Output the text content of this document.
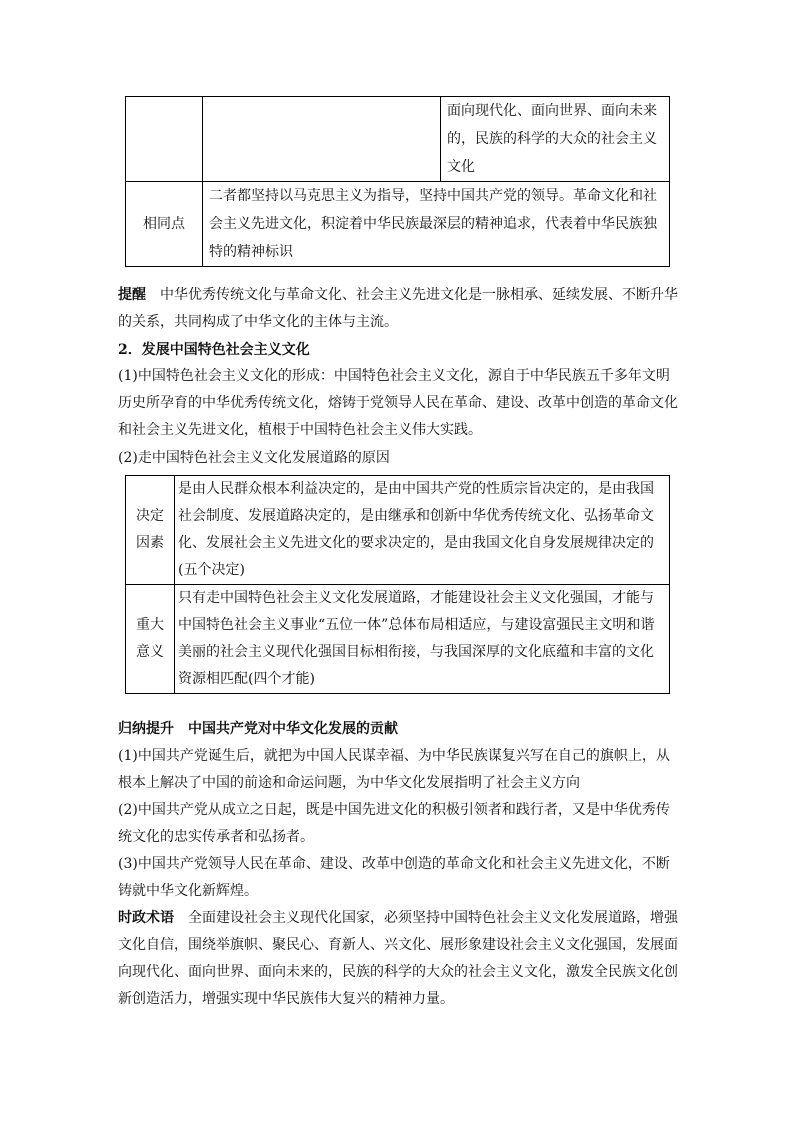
		面向现代化、面向世界、面向未来的，民族的科学的大众的社会主义文化
相同点	二者都坚持以马克思主义为指导，坚持中国共产党的领导。革命文化和社会主义先进文化，积淀着中华民族最深层的精神追求，代表着中华民族独特的精神标识	
提醒　 中华优秀传统文化与革命文化、社会主义先进文化是一脉相承、延续发展、不断升华的关系，共同构成了中华文化的主体与主流。
2．发展中国特色社会主义文化
(1)中国特色社会主义文化的形成：中国特色社会主义文化，源自于中华民族五千多年文明历史所孕育的中华优秀传统文化，熔铸于党领导人民在革命、建设、改革中创造的革命文化和社会主义先进文化，植根于中国特色社会主义伟大实践。
(2)走中国特色社会主义文化发展道路的原因
决定因素	是由人民群众根本利益决定的，是由中国共产党的性质宗旨决定的，是由我国社会制度、发展道路决定的，是由继承和创新中华优秀传统文化、弘扬革命文化、发展社会主义先进文化的要求决定的，是由我国文化自身发展规律决定的(五个决定)
重大意义	只有走中国特色社会主义文化发展道路，才能建设社会主义文化强国，才能与中国特色社会主义事业“五位一体”总体布局相适应，与建设富强民主文明和谐美丽的社会主义现代化强国目标相衔接，与我国深厚的文化底蕴和丰富的文化资源相匹配(四个才能)
归纳提升　 中国共产党对中华文化发展的贡献
(1)中国共产党诞生后，就把为中国人民谋幸福、为中华民族谋复兴写在自己的旗帜上，从根本上解决了中国的前途和命运问题，为中华文化发展指明了社会主义方向
(2)中国共产党从成立之日起，既是中国先进文化的积极引领者和践行者，又是中华优秀传统文化的忠实传承者和弘扬者。
(3)中国共产党领导人民在革命、建设、改革中创造的革命文化和社会主义先进文化，不断铸就中华文化新辉煌。
时政术语　 全面建设社会主义现代化国家，必须坚持中国特色社会主义文化发展道路，增强文化自信，围绕举旗帜、聚民心、育新人、兴文化、展形象建设社会主义文化强国，发展面向现代化、面向世界、面向未来的，民族的科学的大众的社会主义文化，激发全民族文化创新创造活力，增强实现中华民族伟大复兴的精神力量。
